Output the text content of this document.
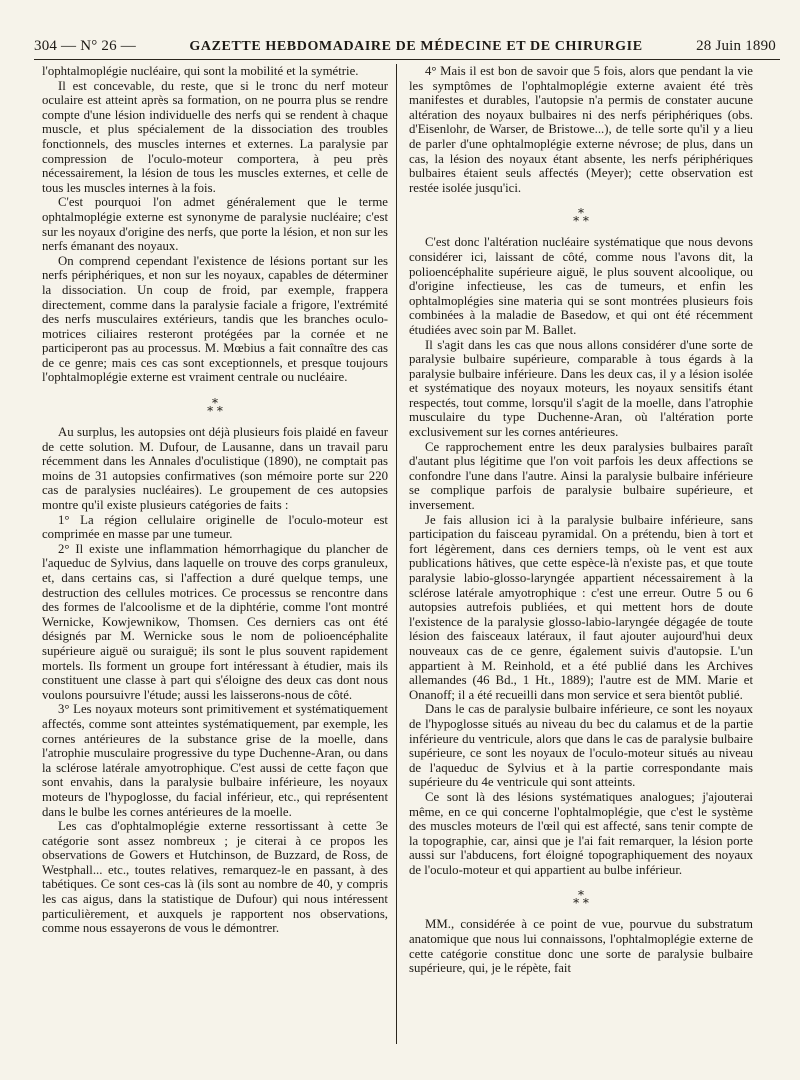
304 — N° 26 —	GAZETTE HEBDOMADAIRE DE MÉDECINE ET DE CHIRURGIE	28 Juin 1890

l'ophtalmoplégie nucléaire, qui sont la mobilité et la symétrie.

Il est concevable, du reste, que si le tronc du nerf moteur oculaire est atteint après sa formation, on ne pourra plus se rendre compte d'une lésion individuelle des nerfs qui se rendent à chaque muscle, et plus spécialement de la dissociation des troubles fonctionnels, des muscles internes et externes. La paralysie par compression de l'oculo-moteur comportera, à peu près nécessairement, la lésion de tous les muscles externes, et celle de tous les muscles internes à la fois.

C'est pourquoi l'on admet généralement que le terme ophtalmoplégie externe est synonyme de paralysie nucléaire; c'est sur les noyaux d'origine des nerfs, que porte la lésion, et non sur les nerfs émanant des noyaux.

On comprend cependant l'existence de lésions portant sur les nerfs périphériques, et non sur les noyaux, capables de déterminer la dissociation. Un coup de froid, par exemple, frappera directement, comme dans la paralysie faciale a frigore, l'extrémité des nerfs musculaires extérieurs, tandis que les branches oculo-motrices ciliaires resteront protégées par la cornée et ne participeront pas au processus. M. Mœbius a fait connaître des cas de ce genre; mais ces cas sont exceptionnels, et presque toujours l'ophtalmoplégie externe est vraiment centrale ou nucléaire.

*
* *

Au surplus, les autopsies ont déjà plusieurs fois plaidé en faveur de cette solution. M. Dufour, de Lausanne, dans un travail paru récemment dans les Annales d'oculistique (1890), ne comptait pas moins de 31 autopsies confirmatives (son mémoire porte sur 220 cas de paralysies nucléaires). Le groupement de ces autopsies montre qu'il existe plusieurs catégories de faits :

1° La région cellulaire originelle de l'oculo-moteur est comprimée en masse par une tumeur.

2° Il existe une inflammation hémorrhagique du plancher de l'aqueduc de Sylvius, dans laquelle on trouve des corps granuleux, et, dans certains cas, si l'affection a duré quelque temps, une destruction des cellules motrices. Ce processus se rencontre dans des formes de l'alcoolisme et de la diphtérie, comme l'ont montré Wernicke, Kowjewnikow, Thomsen. Ces derniers cas ont été désignés par M. Wernicke sous le nom de polioencéphalite supérieure aiguë ou suraiguë; ils sont le plus souvent rapidement mortels. Ils forment un groupe fort intéressant à étudier, mais ils constituent une classe à part qui s'éloigne des deux cas dont nous voulons poursuivre l'étude; aussi les laisserons-nous de côté.

3° Les noyaux moteurs sont primitivement et systématiquement affectés, comme sont atteintes systématiquement, par exemple, les cornes antérieures de la substance grise de la moelle, dans l'atrophie musculaire progressive du type Duchenne-Aran, ou dans la sclérose latérale amyotrophique. C'est aussi de cette façon que sont envahis, dans la paralysie bulbaire inférieure, les noyaux moteurs de l'hypoglosse, du facial inférieur, etc., qui représentent dans le bulbe les cornes antérieures de la moelle.

Les cas d'ophtalmoplégie externe ressortissant à cette 3e catégorie sont assez nombreux ; je citerai à ce propos les observations de Gowers et Hutchinson, de Buzzard, de Ross, de Westphall... etc., toutes relatives, remarquez-le en passant, à des tabétiques. Ce sont ces-cas là (ils sont au nombre de 40, y compris les cas aigus, dans la statistique de Dufour) qui nous intéressent particulièrement, et auxquels je rapportent nos observations, comme nous essayerons de vous le démontrer.

4° Mais il est bon de savoir que 5 fois, alors que pendant la vie les symptômes de l'ophtalmoplégie externe avaient été très manifestes et durables, l'autopsie n'a permis de constater aucune altération des noyaux bulbaires ni des nerfs périphériques (obs. d'Eisenlohr, de Warser, de Bristowe...), de telle sorte qu'il y a lieu de parler d'une ophtalmoplégie externe névrose; de plus, dans un cas, la lésion des noyaux étant absente, les nerfs périphériques bulbaires étaient seuls affectés (Meyer); cette observation est restée isolée jusqu'ici.

*
* *

C'est donc l'altération nucléaire systématique que nous devons considérer ici, laissant de côté, comme nous l'avons dit, la polioencéphalite supérieure aiguë, le plus souvent alcoolique, ou d'origine infectieuse, les cas de tumeurs, et enfin les ophtalmoplégies sine materia qui se sont montrées plusieurs fois combinées à la maladie de Basedow, et qui ont été récemment étudiées avec soin par M. Ballet.

Il s'agit dans les cas que nous allons considérer d'une sorte de paralysie bulbaire supérieure, comparable à tous égards à la paralysie bulbaire inférieure. Dans les deux cas, il y a lésion isolée et systématique des noyaux moteurs, les noyaux sensitifs étant respectés, tout comme, lorsqu'il s'agit de la moelle, dans l'atrophie musculaire du type Duchenne-Aran, où l'altération porte exclusivement sur les cornes antérieures.

Ce rapprochement entre les deux paralysies bulbaires paraît d'autant plus légitime que l'on voit parfois les deux affections se confondre l'une dans l'autre. Ainsi la paralysie bulbaire inférieure se complique parfois de paralysie bulbaire supérieure, et inversement.

Je fais allusion ici à la paralysie bulbaire inférieure, sans participation du faisceau pyramidal. On a prétendu, bien à tort et fort légèrement, dans ces derniers temps, où le vent est aux publications hâtives, que cette espèce-là n'existe pas, et que toute paralysie labio-glosso-laryngée appartient nécessairement à la sclérose latérale amyotrophique : c'est une erreur. Outre 5 ou 6 autopsies autrefois publiées, et qui mettent hors de doute l'existence de la paralysie glosso-labio-laryngée dégagée de toute lésion des faisceaux latéraux, il faut ajouter aujourd'hui deux nouveaux cas de ce genre, également suivis d'autopsie. L'un appartient à M. Reinhold, et a été publié dans les Archives allemandes (46 Bd., 1 Ht., 1889); l'autre est de MM. Marie et Onanoff; il a été recueilli dans mon service et sera bientôt publié.

Dans le cas de paralysie bulbaire inférieure, ce sont les noyaux de l'hypoglosse situés au niveau du bec du calamus et de la partie inférieure du ventricule, alors que dans le cas de paralysie bulbaire supérieure, ce sont les noyaux de l'oculo-moteur situés au niveau de l'aqueduc de Sylvius et à la partie correspondante mais supérieure du 4e ventricule qui sont atteints.

Ce sont là des lésions systématiques analogues; j'ajouterai même, en ce qui concerne l'ophtalmoplégie, que c'est le système des muscles moteurs de l'œil qui est affecté, sans tenir compte de la topographie, car, ainsi que je l'ai fait remarquer, la lésion porte aussi sur l'abducens, fort éloigné topographiquement des noyaux de l'oculo-moteur et qui appartient au bulbe inférieur.

*
* *

MM., considérée à ce point de vue, pourvue du substratum anatomique que nous lui connaissons, l'ophtalmoplégie externe de cette catégorie constitue donc une sorte de paralysie bulbaire supérieure, qui, je le répète, fait
